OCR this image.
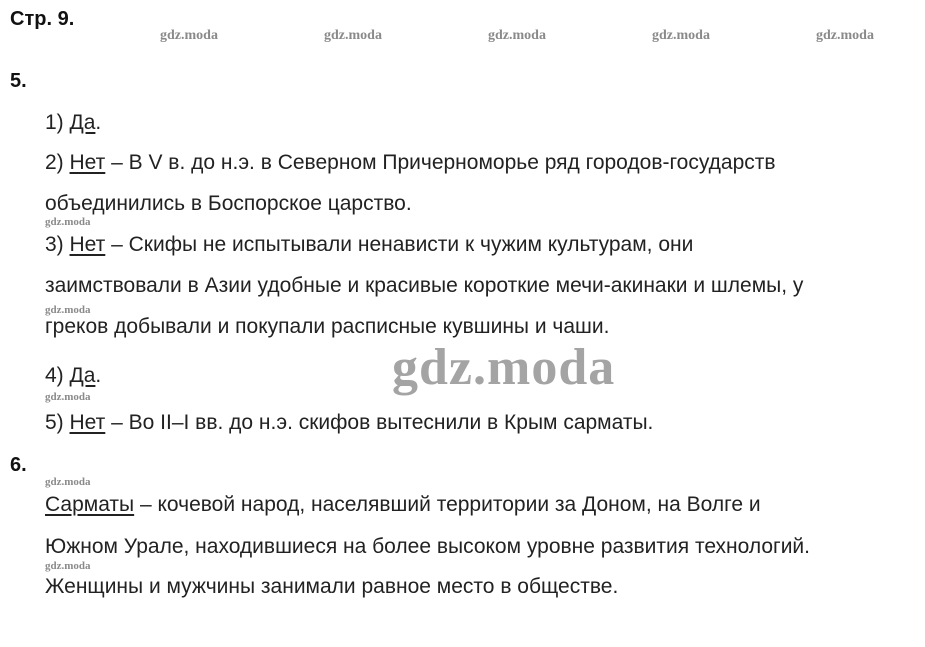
Стр. 9.
gdz.moda	gdz.moda	gdz.moda	gdz.moda	gdz.moda
5.
1) Да.
2) Нет – В V в. до н.э. в Северном Причерноморье ряд городов-государств
объединились в Боспорское царство.
gdz.moda
3) Нет – Скифы не испытывали ненависти к чужим культурам, они
заимствовали в Азии удобные и красивые короткие мечи-акинаки и шлемы, у
gdz.moda
греков добывали и покупали расписные кувшины и чаши.
4) Да.	gdz.moda
gdz.moda
5) Нет – Во II–I вв. до н.э. скифов вытеснили в Крым сарматы.
6.
gdz.moda
Сарматы – кочевой народ, населявший территории за Доном, на Волге и
Южном Урале, находившиеся на более высоком уровне развития технологий.
gdz.moda
Женщины и мужчины занимали равное место в обществе.
